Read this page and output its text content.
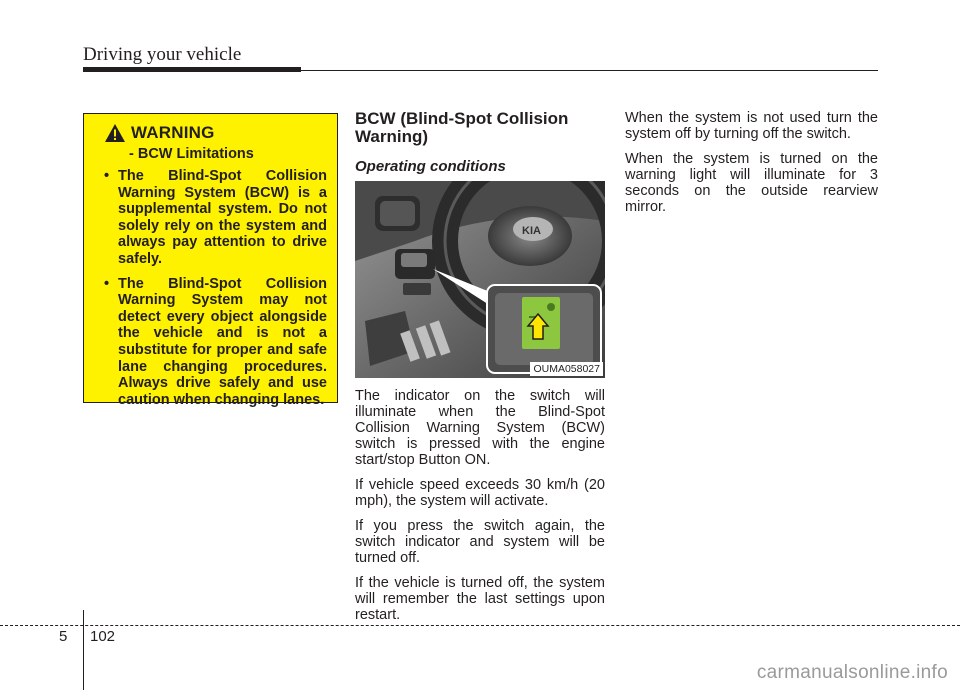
Driving your vehicle
WARNING
- BCW Limitations
• The Blind-Spot Collision Warning System (BCW) is a supplemental system. Do not solely rely on the system and always pay attention to drive safely.
• The Blind-Spot Collision Warning System may not detect every object alongside the vehicle and is not a substitute for proper and safe lane changing procedures. Always drive safely and use caution when changing lanes.
BCW (Blind-Spot Collision Warning)
Operating conditions
KIA
OUMA058027

The indicator on the switch will illuminate when the Blind-Spot Collision Warning System (BCW) switch is pressed with the engine start/stop Button ON.

If vehicle speed exceeds 30 km/h (20 mph), the system will activate.

If you press the switch again, the switch indicator and system will be turned off.

If the vehicle is turned off, the system will remember the last settings upon restart.

When the system is not used turn the system off by turning off the switch.

When the system is turned on the warning light will illuminate for 3 seconds on the outside rearview mirror.

5 102
carmanualsonline.info
